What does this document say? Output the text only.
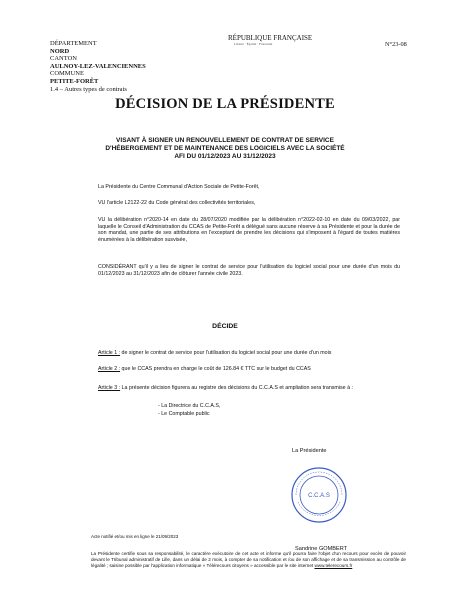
DÉPARTEMENT
NORD
CANTON
AULNOY-LEZ-VALENCIENNES
COMMUNE
PETITE-FORÊT
1.4 – Autres types de contrats
RÉPUBLIQUE FRANÇAISE
Liberté · Égalité · Fraternité	N°23-08
DÉCISION DE LA PRÉSIDENTE
VISANT À SIGNER UN RENOUVELLEMENT DE CONTRAT DE SERVICE
D'HÉBERGEMENT ET DE MAINTENANCE DES LOGICIELS AVEC LA SOCIÉTÉ
AFI DU 01/12/2023 AU 31/12/2023
La Présidente du Centre Communal d'Action Sociale de Petite-Forêt,
VU l'article L2122-22 du Code général des collectivités territoriales,
VU la délibération n°2020-14 en date du 28/07/2020 modifiée par la délibération n°2022-02-10 en date du 09/03/2022, par laquelle le Conseil d'Administration du CCAS de Petite-Forêt a délégué sans aucune réserve à sa Présidente et pour la durée de son mandat, une partie de ses attributions en l'exceptant de prendre les décisions qui s'imposent à l'égard de toutes matières énumérées à la délibération susvisée,
CONSIDÉRANT qu'il y a lieu de signer le contrat de service pour l'utilisation du logiciel social pour une durée d'un mois du 01/12/2023 au 31/12/2023 afin de clôturer l'année civile 2023.
DÉCIDE
Article 1 : de signer le contrat de service pour l'utilisation du logiciel social pour une durée d'un mois
Article 2 : que le CCAS prendra en charge le coût de 126.84 € TTC sur le budget du CCAS
Article 3 : La présente décision figurera au registre des décisions du C.C.A.S et ampliation sera transmise à :
- La Directrice du C.C.A.S,
- Le Comptable public
La Présidente
C.C.A.S
Sandrine GOMBERT
Acte notifié et/ou mis en ligne le 21/09/2023
La Présidente certifie sous sa responsabilité, le caractère exécutoire de cet acte et informe qu'il pourra faire l'objet d'un recours pour excès de pouvoir devant le Tribunal administratif de Lille, dans un délai de 2 mois, à compter de sa notification et /ou de son affichage et de sa transmission au contrôle de légalité ; saisine possible par l'application informatique « Télérecours citoyens » accessible par le site internet www.telerecours.fr
